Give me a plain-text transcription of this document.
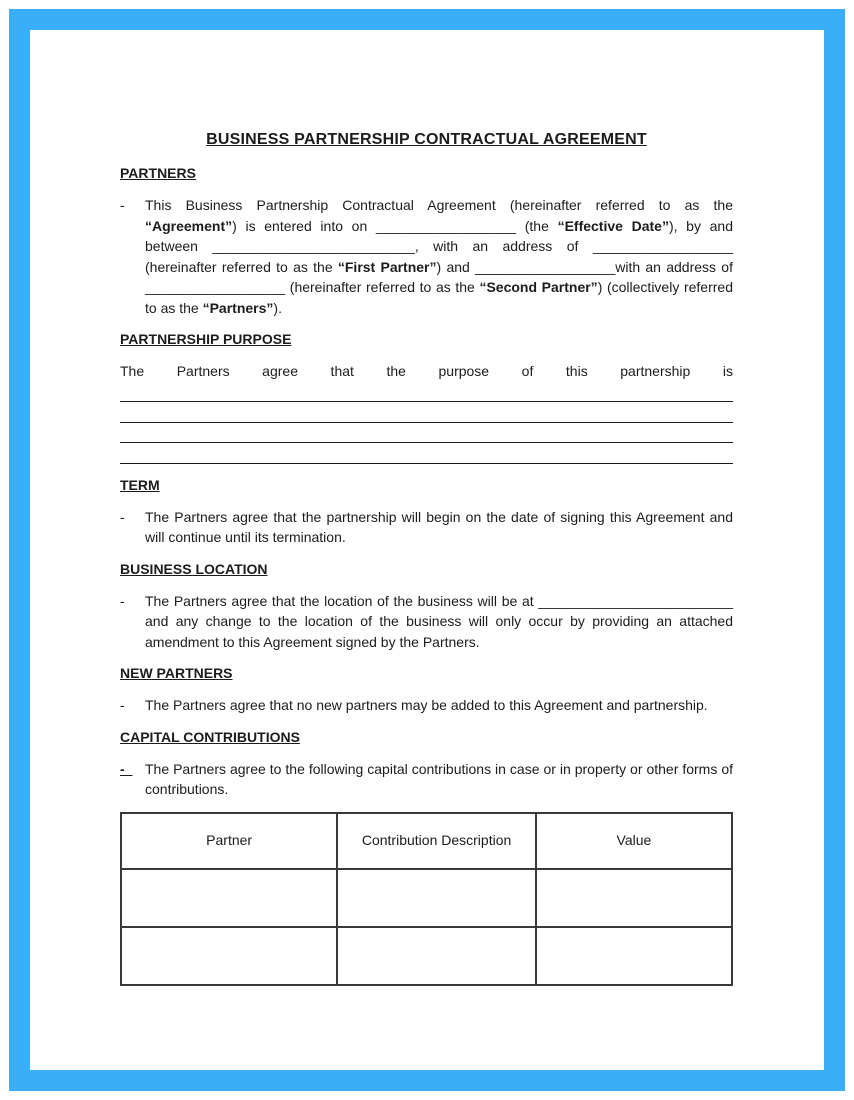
BUSINESS PARTNERSHIP CONTRACTUAL AGREEMENT
PARTNERS
-	This Business Partnership Contractual Agreement (hereinafter referred to as the “Agreement”) is entered into on __________________ (the “Effective Date”), by and between __________________________, with an address of __________________ (hereinafter referred to as the “First Partner”) and __________________with an address of __________________ (hereinafter referred to as the “Second Partner”) (collectively referred to as the “Partners”).

PARTNERSHIP PURPOSE
The Partners agree that the purpose of this partnership is
TERM
-	The Partners agree that the partnership will begin on the date of signing this Agreement and will continue until its termination.

BUSINESS LOCATION
-	The Partners agree that the location of the business will be at _________________________ and any change to the location of the business will only occur by providing an attached amendment to this Agreement signed by the Partners.

NEW PARTNERS
-	The Partners agree that no new partners may be added to this Agreement and partnership.

CAPITAL CONTRIBUTIONS
- The Partners agree to the following capital contributions in case or in property or other forms of contributions.

Partner	Contribution Description	Value
